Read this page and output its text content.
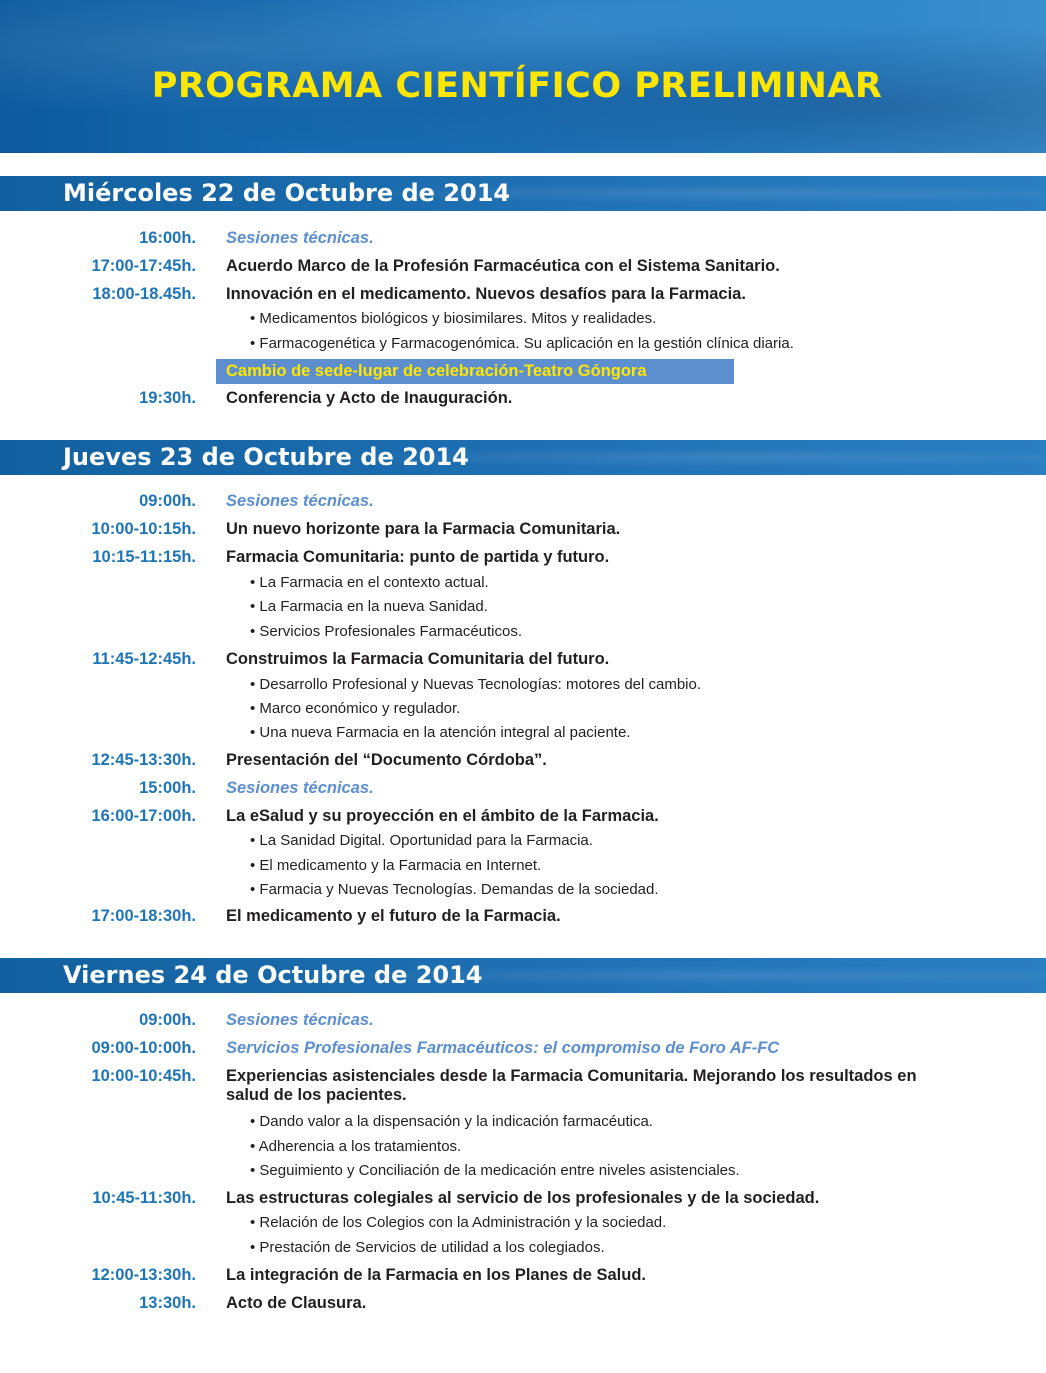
PROGRAMA CIENTÍFICO PRELIMINAR
Miércoles 22 de Octubre de 2014
16:00h. Sesiones técnicas.
17:00-17:45h. Acuerdo Marco de la Profesión Farmacéutica con el Sistema Sanitario.
18:00-18.45h. Innovación en el medicamento. Nuevos desafíos para la Farmacia.
• Medicamentos biológicos y biosimilares. Mitos y realidades.
• Farmacogenética y Farmacogenómica. Su aplicación en la gestión clínica diaria.
Cambio de sede-lugar de celebración-Teatro Góngora
19:30h. Conferencia y Acto de Inauguración.
Jueves 23 de Octubre de 2014
09:00h. Sesiones técnicas.
10:00-10:15h. Un nuevo horizonte para la Farmacia Comunitaria.
10:15-11:15h. Farmacia Comunitaria: punto de partida y futuro.
• La Farmacia en el contexto actual.
• La Farmacia en la nueva Sanidad.
• Servicios Profesionales Farmacéuticos.
11:45-12:45h. Construimos la Farmacia Comunitaria del futuro.
• Desarrollo Profesional y Nuevas Tecnologías: motores del cambio.
• Marco económico y regulador.
• Una nueva Farmacia en la atención integral al paciente.
12:45-13:30h. Presentación del “Documento Córdoba”.
15:00h. Sesiones técnicas.
16:00-17:00h. La eSalud y su proyección en el ámbito de la Farmacia.
• La Sanidad Digital. Oportunidad para la Farmacia.
• El medicamento y la Farmacia en Internet.
• Farmacia y Nuevas Tecnologías. Demandas de la sociedad.
17:00-18:30h. El medicamento y el futuro de la Farmacia.
Viernes 24 de Octubre de 2014
09:00h. Sesiones técnicas.
09:00-10:00h. Servicios Profesionales Farmacéuticos: el compromiso de Foro AF-FC
10:00-10:45h. Experiencias asistenciales desde la Farmacia Comunitaria. Mejorando los resultados en salud de los pacientes.
• Dando valor a la dispensación y la indicación farmacéutica.
• Adherencia a los tratamientos.
• Seguimiento y Conciliación de la medicación entre niveles asistenciales.
10:45-11:30h. Las estructuras colegiales al servicio de los profesionales y de la sociedad.
• Relación de los Colegios con la Administración y la sociedad.
• Prestación de Servicios de utilidad a los colegiados.
12:00-13:30h. La integración de la Farmacia en los Planes de Salud.
13:30h. Acto de Clausura.
